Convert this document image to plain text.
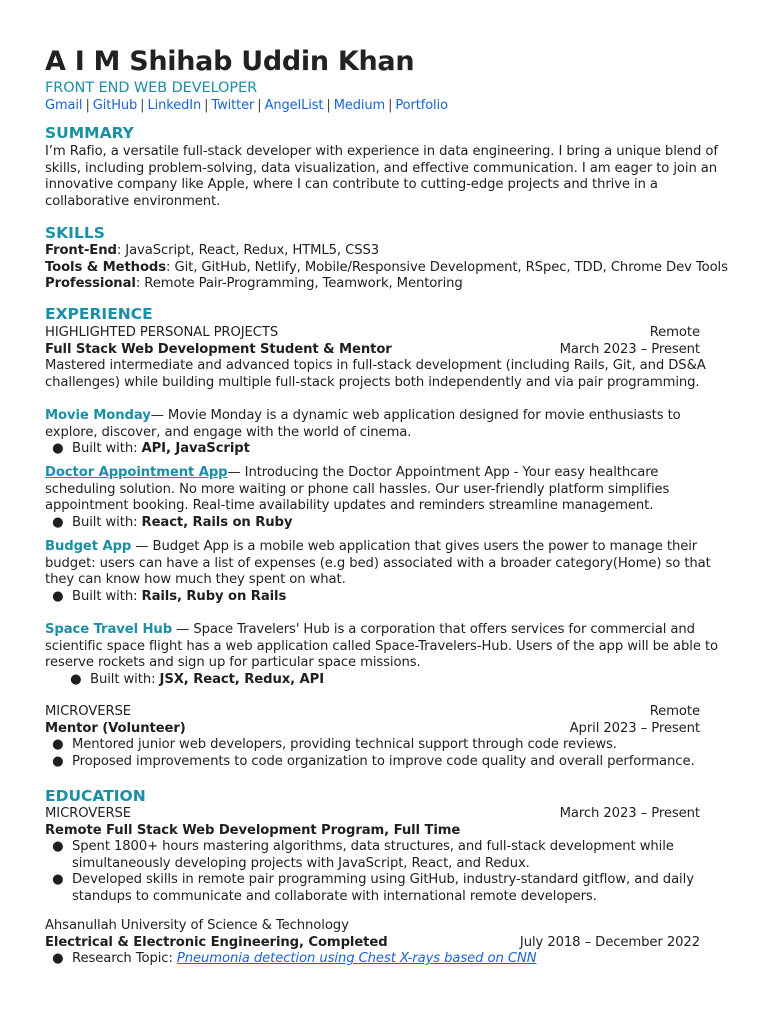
A I M Shihab Uddin Khan
FRONT END WEB DEVELOPER
Gmail | GitHub | LinkedIn | Twitter | AngelList | Medium | Portfolio
SUMMARY

I’m Rafio, a versatile full-stack developer with experience in data engineering. I bring a unique blend of skills, including problem-solving, data visualization, and effective communication. I am eager to join an innovative company like Apple, where I can contribute to cutting-edge projects and thrive in a collaborative environment.

SKILLS
Front-End: JavaScript, React, Redux, HTML5, CSS3
Tools & Methods: Git, GitHub, Netlify, Mobile/Responsive Development, RSpec, TDD, Chrome Dev Tools
Professional: Remote Pair-Programming, Teamwork, Mentoring
EXPERIENCE
HIGHLIGHTED PERSONAL PROJECTS	Remote
Full Stack Web Development Student & Mentor	March 2023 – Present

Mastered intermediate and advanced topics in full-stack development (including Rails, Git, and DS&A challenges) while building multiple full-stack projects both independently and via pair programming.

Movie Monday— Movie Monday is a dynamic web application designed for movie enthusiasts to explore, discover, and engage with the world of cinema.

● Built with: API, JavaScript

Doctor Appointment App— Introducing the Doctor Appointment App - Your easy healthcare scheduling solution. No more waiting or phone call hassles. Our user-friendly platform simplifies appointment booking. Real-time availability updates and reminders streamline management.

● Built with: React, Rails on Ruby

Budget App — Budget App is a mobile web application that gives users the power to manage their budget: users can have a list of expenses (e.g bed) associated with a broader category(Home) so that they can know how much they spent on what.

● Built with: Rails, Ruby on Rails

Space Travel Hub — Space Travelers' Hub is a corporation that offers services for commercial and scientific space flight has a web application called Space-Travelers-Hub. Users of the app will be able to reserve rockets and sign up for particular space missions.

● Built with: JSX, React, Redux, API
MICROVERSE	Remote
Mentor (Volunteer)	April 2023 – Present
● Mentored junior web developers, providing technical support through code reviews.
● Proposed improvements to code organization to improve code quality and overall performance.
EDUCATION
MICROVERSE	March 2023 – Present
Remote Full Stack Web Development Program, Full Time
● Spent 1800+ hours mastering algorithms, data structures, and full-stack development while simultaneously developing projects with JavaScript, React, and Redux.
● Developed skills in remote pair programming using GitHub, industry-standard gitflow, and daily standups to communicate and collaborate with international remote developers.
Ahsanullah University of Science & Technology
Electrical & Electronic Engineering, Completed	July 2018 – December 2022
● Research Topic: Pneumonia detection using Chest X-rays based on CNN
